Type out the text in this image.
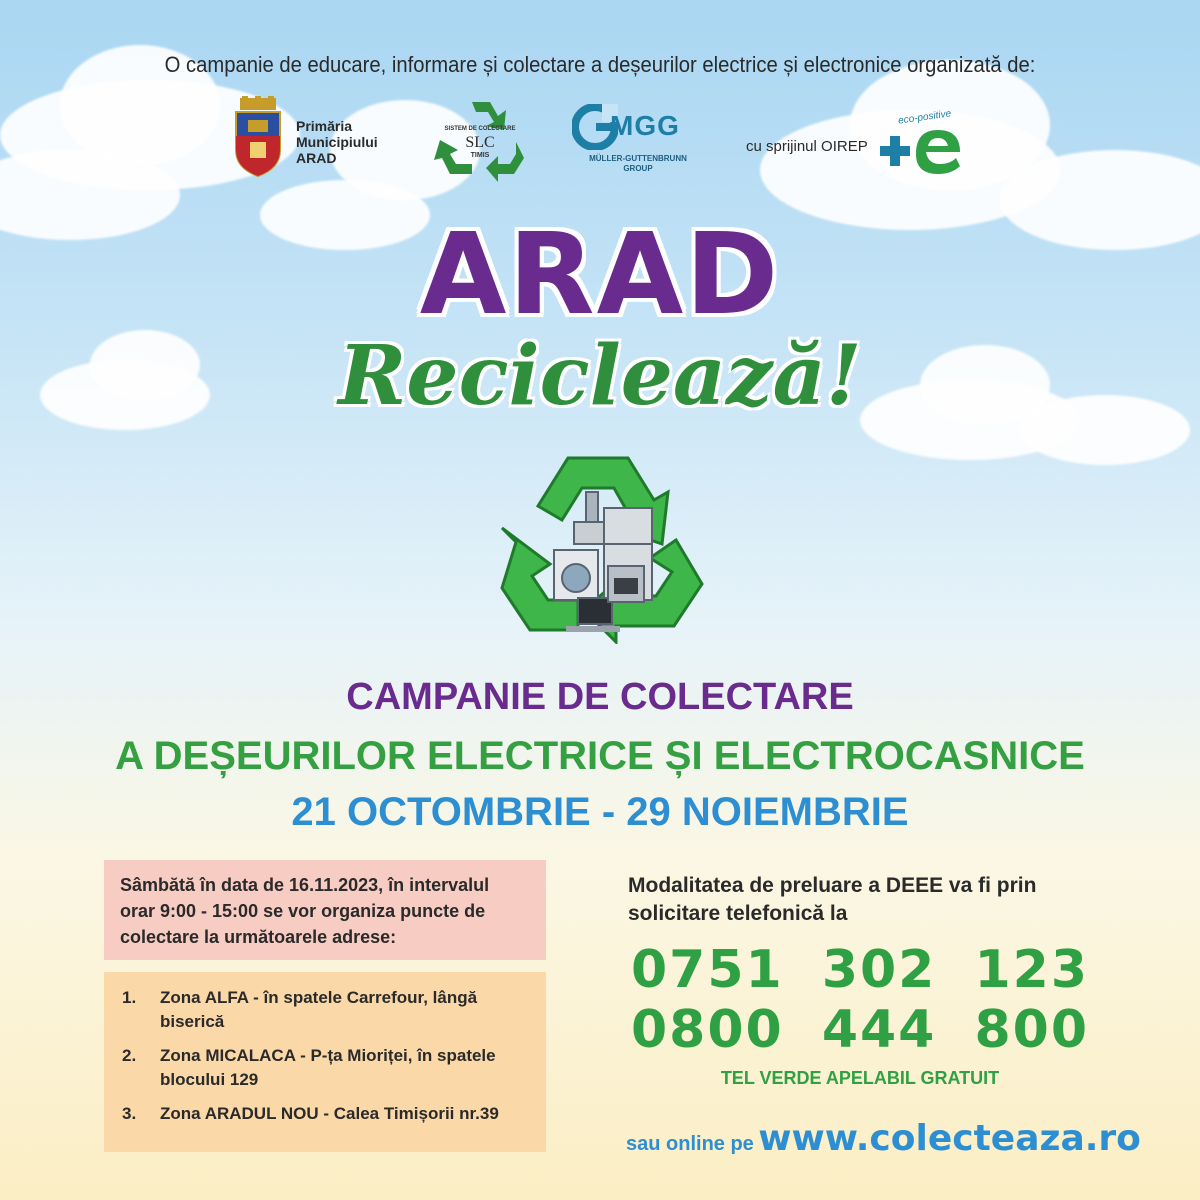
O campanie de educare, informare și colectare a deșeurilor electrice și electronice organizată de:
Primăria
Municipiului
ARAD
SISTEM DE COLECTARE
SLC
TIMIS
MGG
MÜLLER-GUTTENBRUNN
GROUP
cu sprijinul OIREP
eco-positive
ARAD
Reciclează!
CAMPANIE DE COLECTARE
A DEȘEURILOR ELECTRICE ȘI ELECTROCASNICE
21 OCTOMBRIE - 29 NOIEMBRIE
Sâmbătă în data de 16.11.2023, în intervalul orar 9:00 - 15:00 se vor organiza puncte de colectare la următoarele adrese:
1.	Zona ALFA - în spatele Carrefour, lângă biserică
2.	Zona MICALACA - P-ța Mioriței, în spatele blocului 129
3.	Zona ARADUL NOU - Calea Timișorii nr.39
Modalitatea de preluare a DEEE va fi prin solicitare telefonică la
0751 302 123
0800 444 800
TEL VERDE APELABIL GRATUIT
sau online pe www.colecteaza.ro
